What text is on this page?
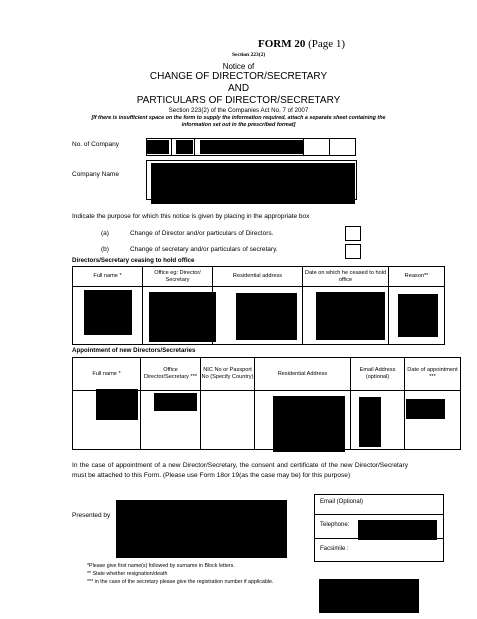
FORM 20 (Page 1)
Section 223(2)
Notice of
CHANGE OF DIRECTOR/SECRETARY
AND
PARTICULARS OF DIRECTOR/SECRETARY
Section 223(2) of the Companies Act No. 7 of 2007
[If there is insufficient space on the form to supply the information required, attach a separate sheet containing the
information set out in the prescribed format]
No. of Company
Company Name
Indicate the purpose for which this notice is given by placing in the appropriate box
(a)	Change of Director and/or particulars of Directors.
(b)	Change of secretary and/or particulars of secretary.
Directors/Secretary ceasing to hold office
Full name *	Office eg: Director/ Secretary	Residential address	Date on which he ceased to hold office	Reason**

Appointment of new Directors/Secretaries
Full name *	Office Director/Secretary ***	NIC No or Passport No (Specify Country)	Residential Address	Email Address (optional)	Date of appointment ***

In the case of appointment of a new Director/Secretary, the consent and certificate of the new Director/Secretary must be attached to this Form. (Please use Form 18or 19(as the case may be) for this purpose)
Presented by
Email (Optional)
Telephone:
Facsimile :
*Please give first name(s) followed by surname in Block letters.
** State whether resignation/death
*** in the case of the secretary please give the registration number if applicable.
